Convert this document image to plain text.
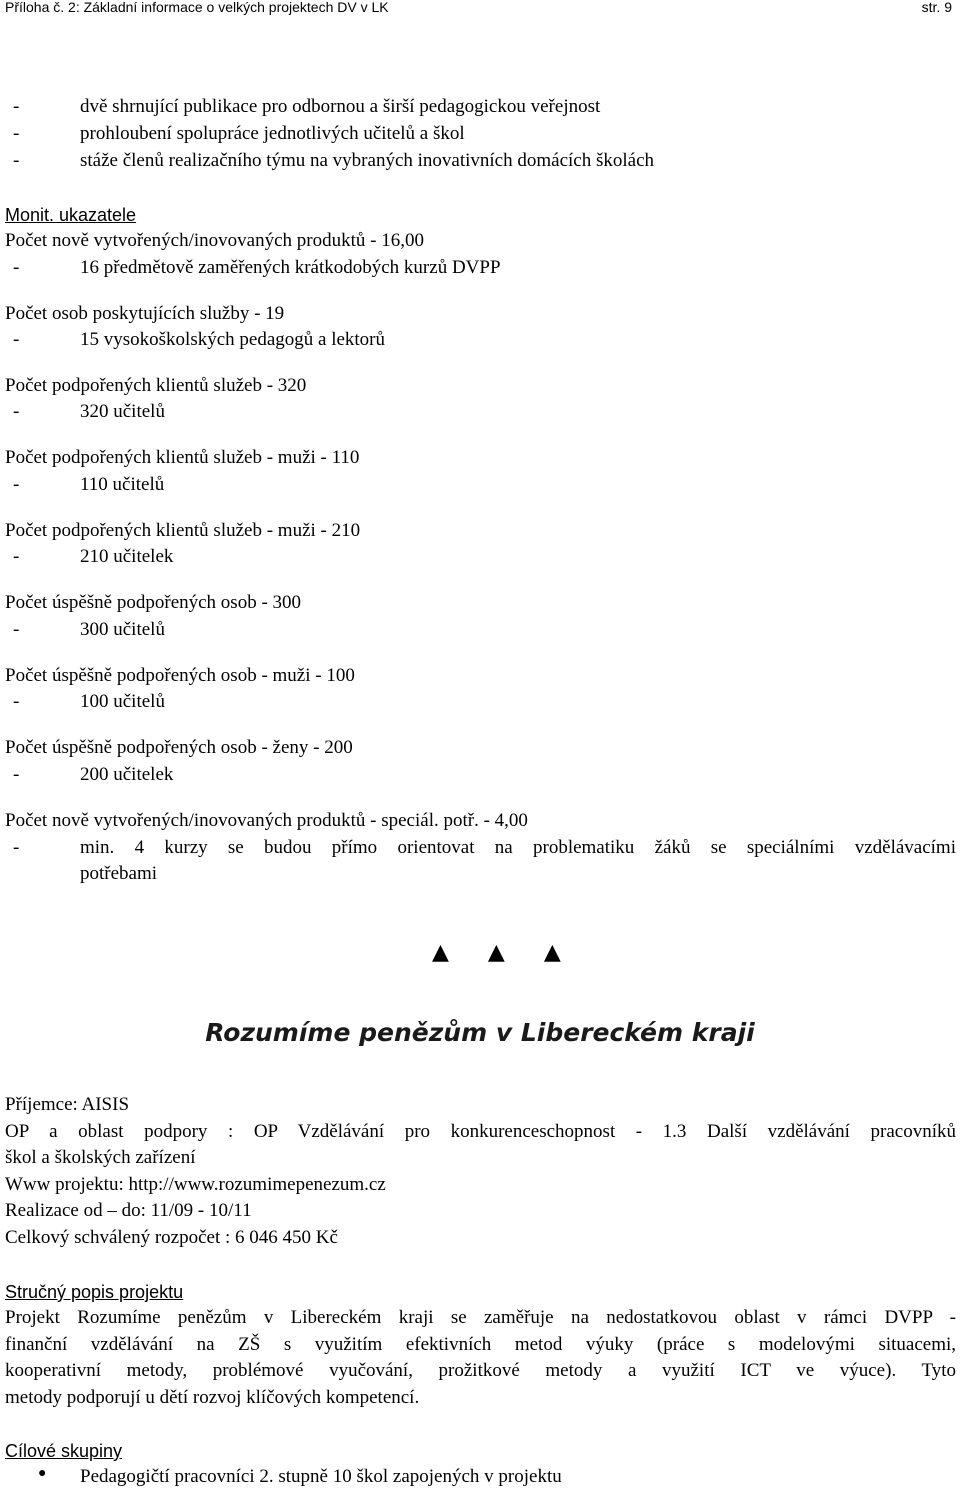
Příloha č. 2: Základní informace o velkých projektech DV v LK	str. 9
-	dvě shrnující publikace pro odbornou a širší pedagogickou veřejnost
-	prohloubení spolupráce jednotlivých učitelů a škol
-	stáže členů realizačního týmu na vybraných inovativních domácích školách
Monit. ukazatele
Počet nově vytvořených/inovovaných produktů - 16,00
-	16 předmětově zaměřených krátkodobých kurzů DVPP
Počet osob poskytujících služby - 19
-	15 vysokoškolských pedagogů a lektorů
Počet podpořených klientů služeb - 320
-	320 učitelů
Počet podpořených klientů služeb - muži - 110
-	110 učitelů
Počet podpořených klientů služeb - muži - 210
-	210 učitelek
Počet úspěšně podpořených osob - 300
-	300 učitelů
Počet úspěšně podpořených osob - muži - 100
-	100 učitelů
Počet úspěšně podpořených osob - ženy - 200
-	200 učitelek
Počet nově vytvořených/inovovaných produktů - speciál. potř. - 4,00
-	min. 4 kurzy se budou přímo orientovat na problematiku žáků se speciálními vzdělávacími
potřebami
▲ ▲ ▲
Rozumíme penězům v Libereckém kraji
Příjemce: AISIS
OP a oblast podpory : OP Vzdělávání pro konkurenceschopnost - 1.3 Další vzdělávání pracovníků
škol a školských zařízení
Www projektu: http://www.rozumimepenezum.cz
Realizace od – do: 11/09 - 10/11
Celkový schválený rozpočet : 6 046 450 Kč
Stručný popis projektu
Projekt Rozumíme penězům v Libereckém kraji se zaměřuje na nedostatkovou oblast v rámci DVPP -
finanční vzdělávání na ZŠ s využitím efektivních metod výuky (práce s modelovými situacemi,
kooperativní metody, problémové vyučování, prožitkové metody a využití ICT ve výuce). Tyto
metody podporují u dětí rozvoj klíčových kompetencí.
Cílové skupiny
● Pedagogičtí pracovníci 2. stupně 10 škol zapojených v projektu
